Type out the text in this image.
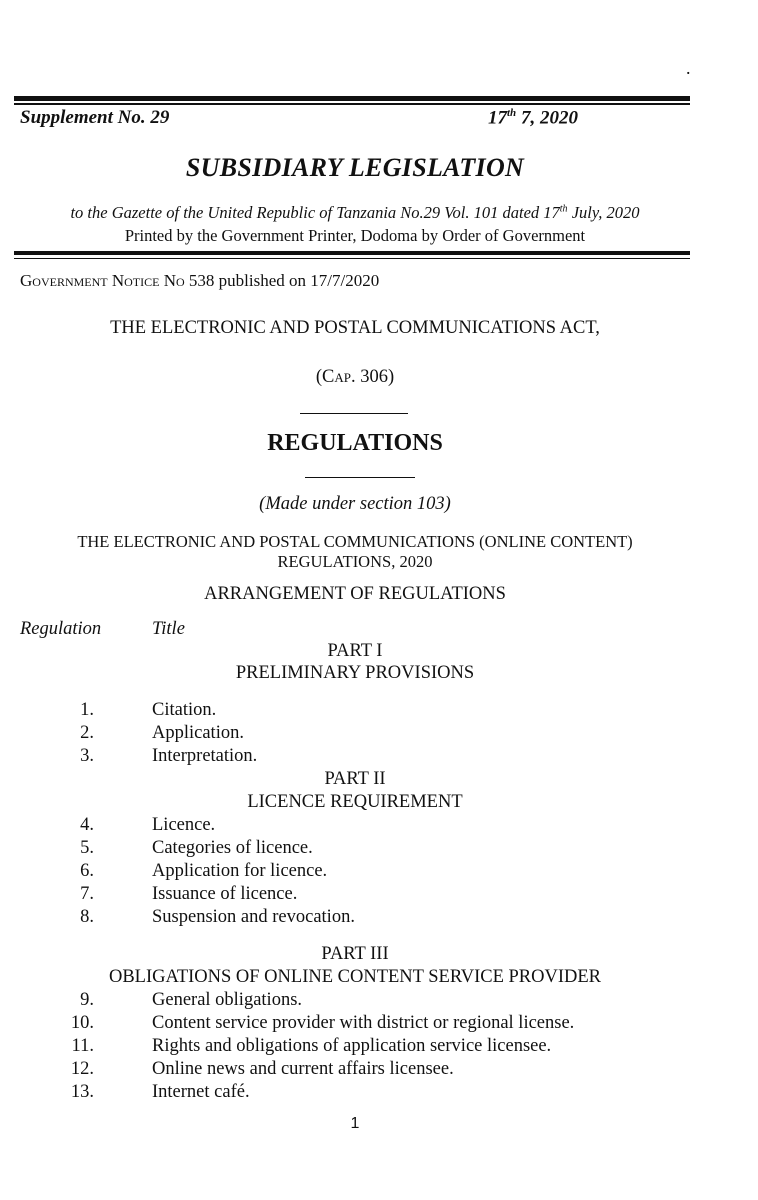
.
Supplement No. 29	17th 7, 2020
SUBSIDIARY LEGISLATION
to the Gazette of the United Republic of Tanzania No.29 Vol. 101 dated 17th July, 2020
Printed by the Government Printer, Dodoma by Order of Government
Government Notice No 538 published on 17/7/2020
THE ELECTRONIC AND POSTAL COMMUNICATIONS ACT,
(Cap. 306)
REGULATIONS
(Made under section 103)
THE ELECTRONIC AND POSTAL COMMUNICATIONS (ONLINE CONTENT)
REGULATIONS, 2020
ARRANGEMENT OF REGULATIONS
Regulation	Title
PART I
PRELIMINARY PROVISIONS
1.	Citation.
2.	Application.
3.	Interpretation.
PART II
LICENCE REQUIREMENT
4.	Licence.
5.	Categories of licence.
6.	Application for licence.
7.	Issuance of licence.
8.	Suspension and revocation.
PART III
OBLIGATIONS OF ONLINE CONTENT SERVICE PROVIDER
9.	General obligations.
10.	Content service provider with district or regional license.
11.	Rights and obligations of application service licensee.
12.	Online news and current affairs licensee.
13.	Internet café.
1
